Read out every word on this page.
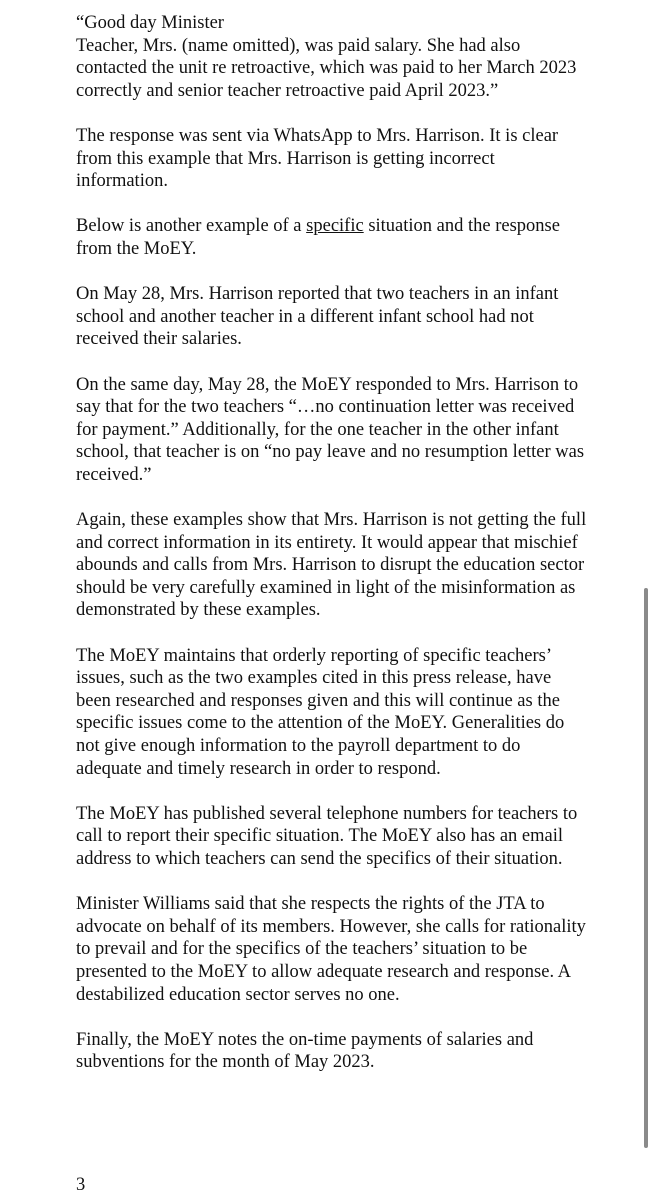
“Good day Minister
Teacher, Mrs. (name omitted), was paid salary. She had also contacted the unit re retroactive, which was paid to her March 2023 correctly and senior teacher retroactive paid April 2023.”

The response was sent via WhatsApp to Mrs. Harrison. It is clear from this example that Mrs. Harrison is getting incorrect information.

Below is another example of a specific situation and the response from the MoEY.

On May 28, Mrs. Harrison reported that two teachers in an infant school and another teacher in a different infant school had not received their salaries.

On the same day, May 28, the MoEY responded to Mrs. Harrison to say that for the two teachers “…no continuation letter was received for payment.” Additionally, for the one teacher in the other infant school, that teacher is on “no pay leave and no resumption letter was received.”

Again, these examples show that Mrs. Harrison is not getting the full and correct information in its entirety. It would appear that mischief abounds and calls from Mrs. Harrison to disrupt the education sector should be very carefully examined in light of the misinformation as demonstrated by these examples.

The MoEY maintains that orderly reporting of specific teachers’ issues, such as the two examples cited in this press release, have been researched and responses given and this will continue as the specific issues come to the attention of the MoEY. Generalities do not give enough information to the payroll department to do adequate and timely research in order to respond.

The MoEY has published several telephone numbers for teachers to call to report their specific situation. The MoEY also has an email address to which teachers can send the specifics of their situation.

Minister Williams said that she respects the rights of the JTA to advocate on behalf of its members. However, she calls for rationality to prevail and for the specifics of the teachers’ situation to be presented to the MoEY to allow adequate research and response. A destabilized education sector serves no one.

Finally, the MoEY notes the on-time payments of salaries and subventions for the month of May 2023.

3
